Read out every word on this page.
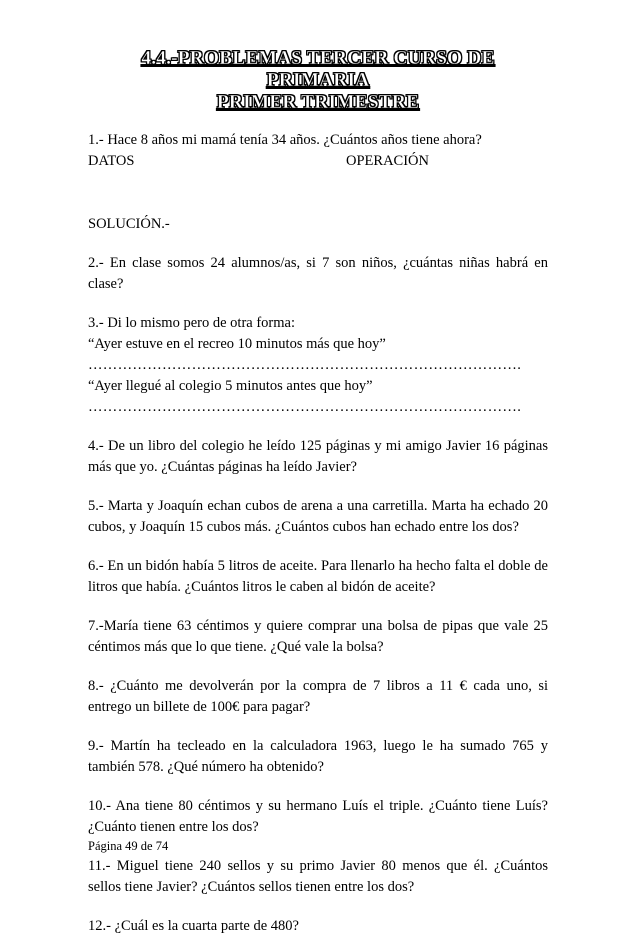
4.4.-PROBLEMAS TERCER CURSO DE PRIMARIA
PRIMER TRIMESTRE
1.- Hace 8 años mi mamá tenía 34 años. ¿Cuántos años tiene ahora?
DATOS	OPERACIÓN
SOLUCIÓN.-
2.- En clase somos 24 alumnos/as, si 7 son niños, ¿cuántas niñas habrá en clase?
3.- Di lo mismo pero de otra forma:
“Ayer estuve en el recreo 10 minutos más que hoy”
…………………………………………………………………………….
“Ayer llegué al colegio 5 minutos antes que hoy”
…………………………………………………………………………….
4.- De un libro del colegio he leído 125 páginas y mi amigo Javier 16 páginas más que yo. ¿Cuántas páginas ha leído Javier?
5.- Marta y Joaquín echan cubos de arena a una carretilla. Marta ha echado 20 cubos, y Joaquín 15 cubos más. ¿Cuántos cubos han echado entre los dos?
6.- En un bidón había 5 litros de aceite. Para llenarlo ha hecho falta el doble de litros que había. ¿Cuántos litros le caben al bidón de aceite?
7.-María tiene 63 céntimos y quiere comprar una bolsa de pipas que vale 25 céntimos más que lo que tiene. ¿Qué vale la bolsa?
8.- ¿Cuánto me devolverán por la compra de 7 libros a 11 € cada uno, si entrego un billete de 100€ para pagar?
9.- Martín ha tecleado en la calculadora 1963, luego le ha sumado 765 y también 578. ¿Qué número ha obtenido?
10.- Ana tiene 80 céntimos y su hermano Luís el triple. ¿Cuánto tiene Luís? ¿Cuánto tienen entre los dos?
11.- Miguel tiene 240 sellos y su primo Javier 80 menos que él. ¿Cuántos sellos tiene Javier? ¿Cuántos sellos tienen entre los dos?
12.- ¿Cuál es la cuarta parte de 480?
Página 49 de 74
